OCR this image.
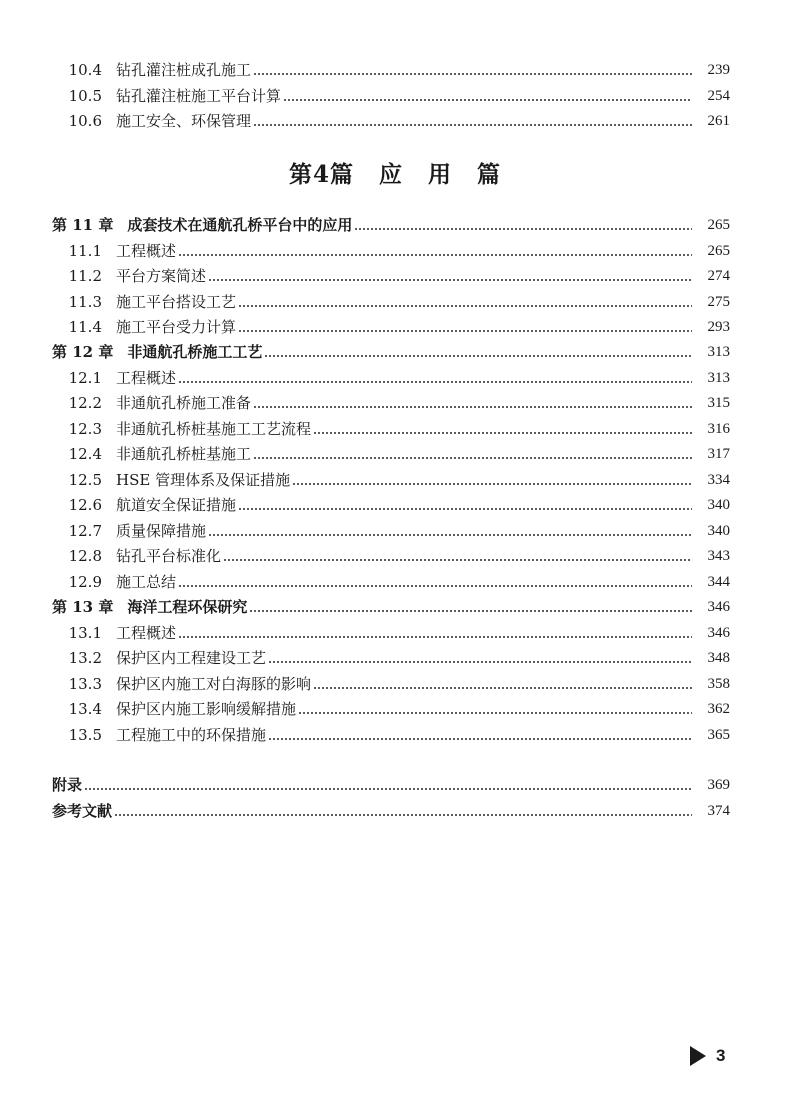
10.4 钻孔灌注桩成孔施工	239
10.5 钻孔灌注桩施工平台计算	254
10.6 施工安全、环保管理	261
第4篇 应 用 篇
第 11 章 成套技术在通航孔桥平台中的应用	265
11.1 工程概述	265
11.2 平台方案简述	274
11.3 施工平台搭设工艺	275
11.4 施工平台受力计算	293
第 12 章 非通航孔桥施工工艺	313
12.1 工程概述	313
12.2 非通航孔桥施工准备	315
12.3 非通航孔桥桩基施工工艺流程	316
12.4 非通航孔桥桩基施工	317
12.5 HSE 管理体系及保证措施	334
12.6 航道安全保证措施	340
12.7 质量保障措施	340
12.8 钻孔平台标准化	343
12.9 施工总结	344
第 13 章 海洋工程环保研究	346
13.1 工程概述	346
13.2 保护区内工程建设工艺	348
13.3 保护区内施工对白海豚的影响	358
13.4 保护区内施工影响缓解措施	362
13.5 工程施工中的环保措施	365
附录	369
参考文献	374
3
